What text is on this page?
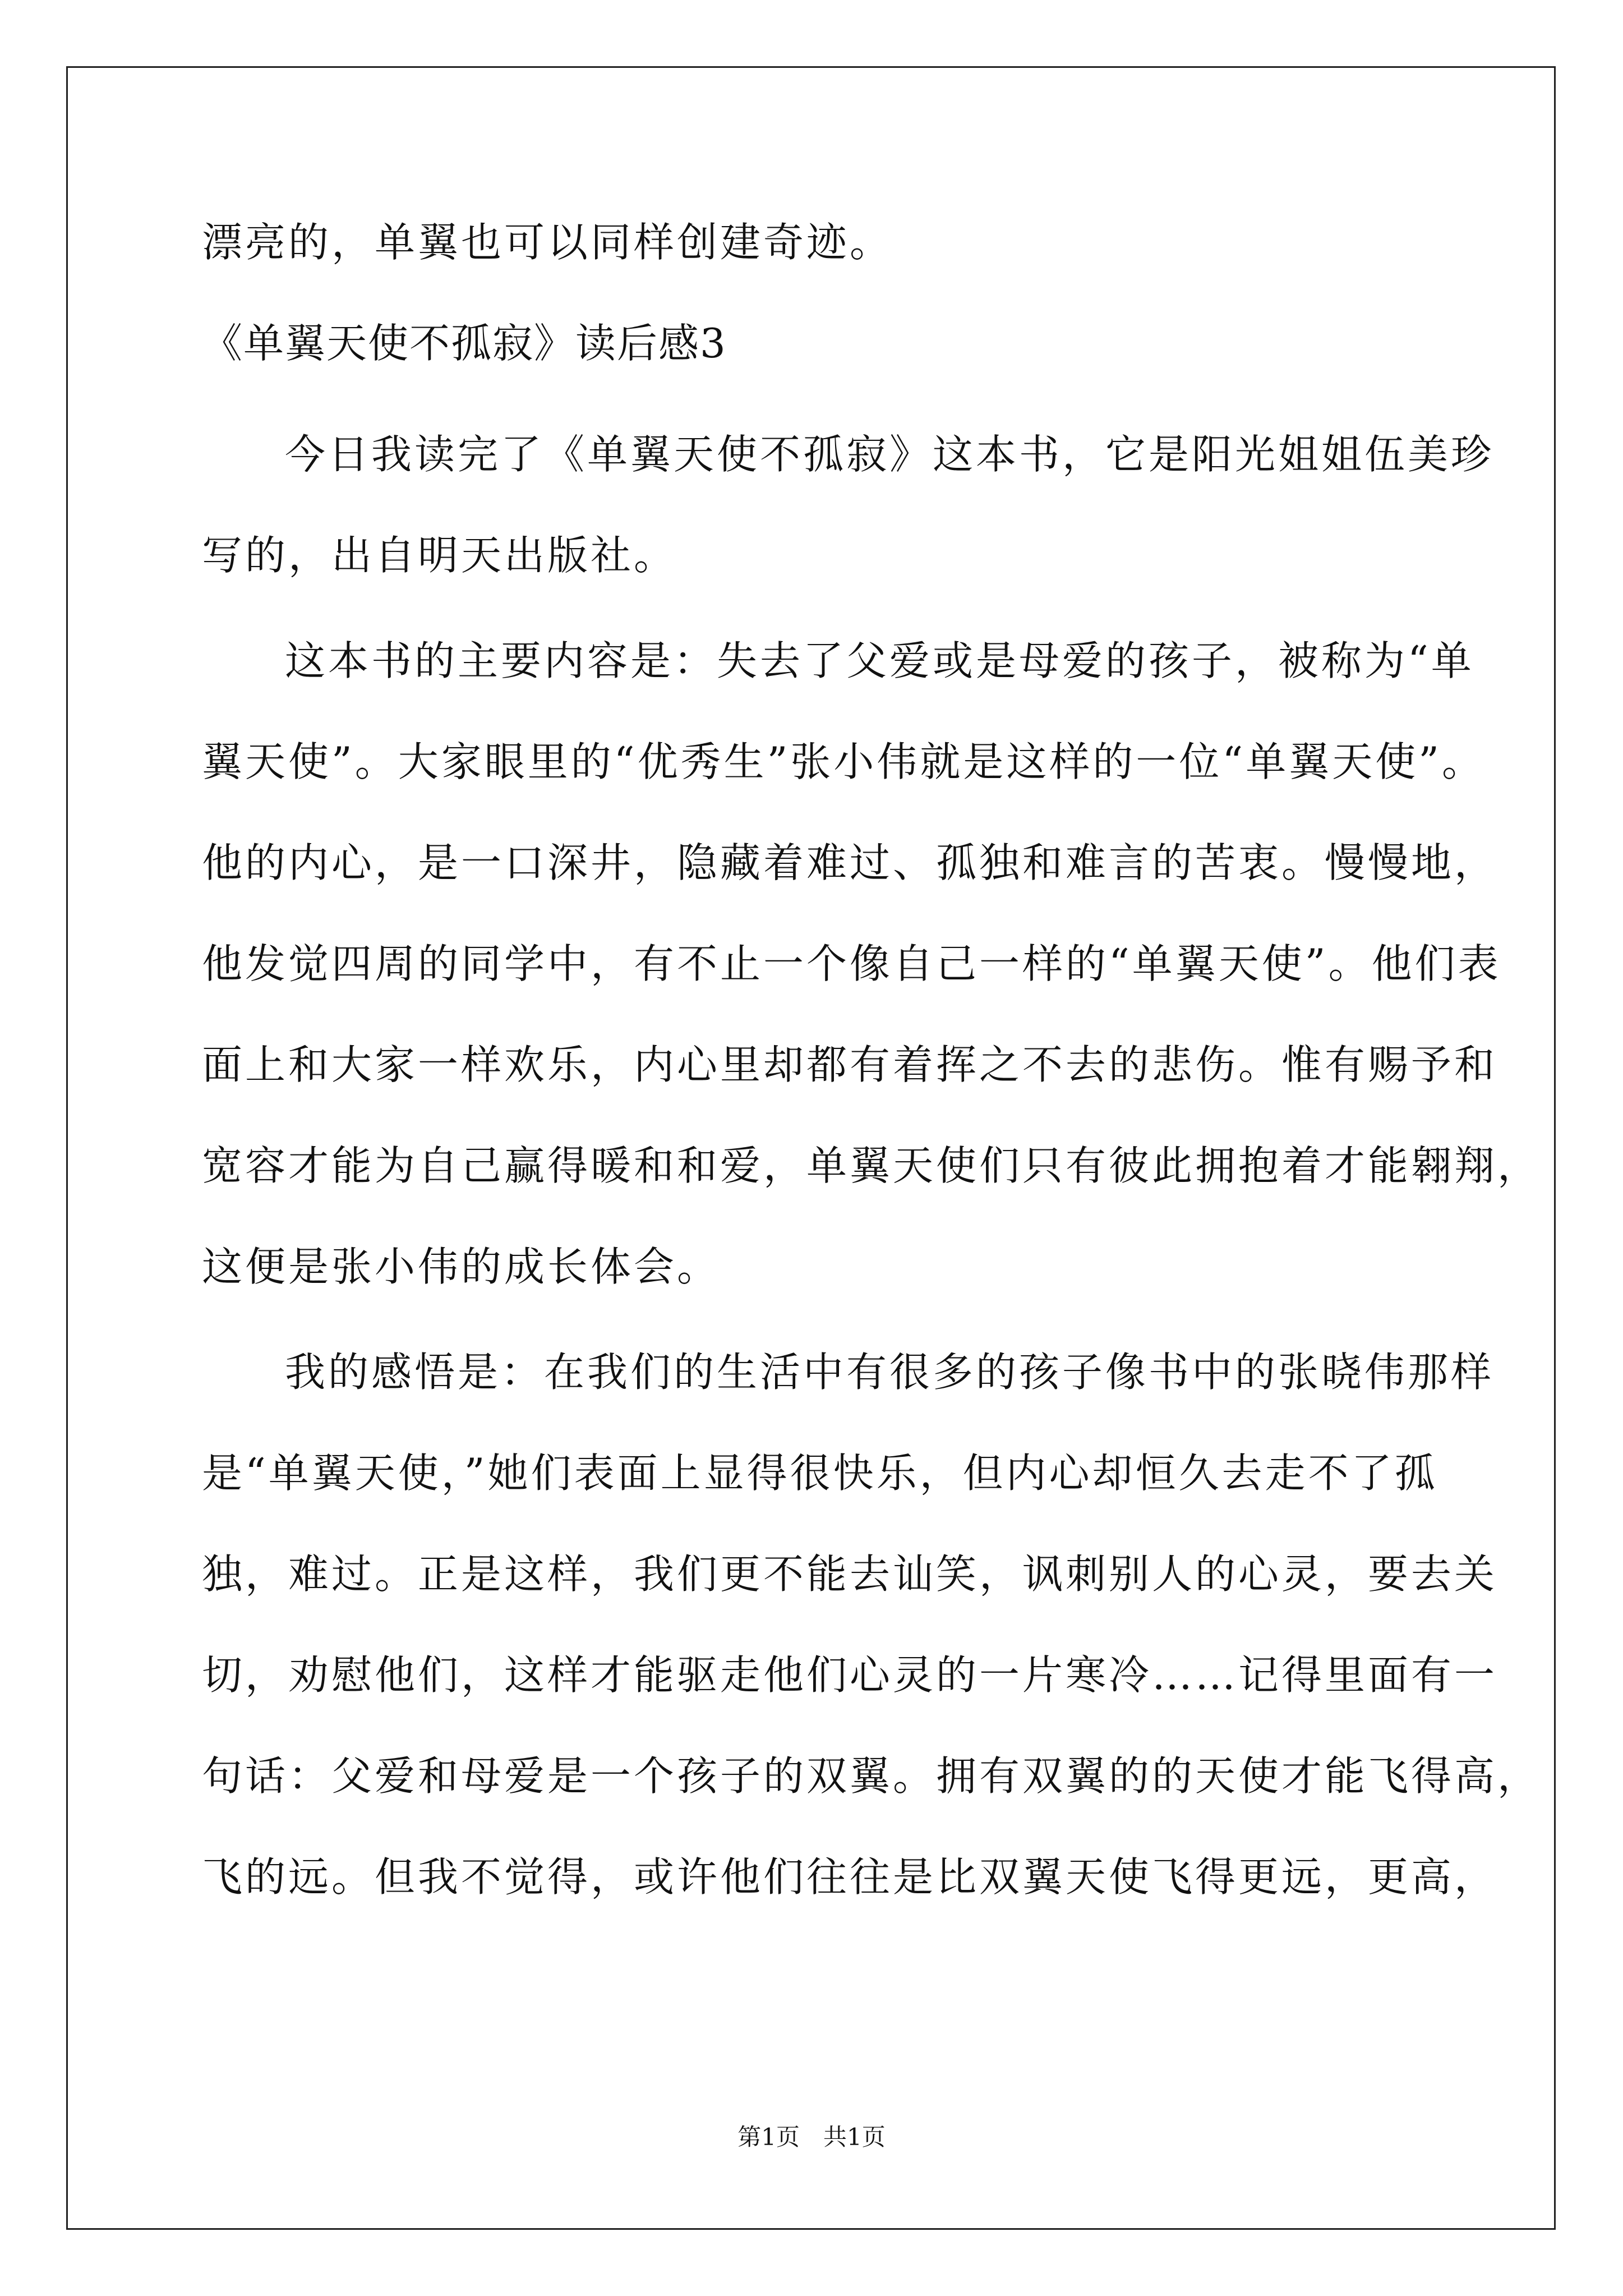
漂亮的，单翼也可以同样创建奇迹。
《单翼天使不孤寂》读后感3
今日我读完了《单翼天使不孤寂》这本书，它是阳光姐姐伍美珍
写的，出自明天出版社。
这本书的主要内容是：失去了父爱或是母爱的孩子，被称为“单
翼天使”。大家眼里的“优秀生”张小伟就是这样的一位“单翼天使”。
他的内心，是一口深井，隐藏着难过、孤独和难言的苦衷。慢慢地，
他发觉四周的同学中，有不止一个像自己一样的“单翼天使”。他们表
面上和大家一样欢乐，内心里却都有着挥之不去的悲伤。惟有赐予和
宽容才能为自己赢得暖和和爱，单翼天使们只有彼此拥抱着才能翱翔，
这便是张小伟的成长体会。
我的感悟是：在我们的生活中有很多的孩子像书中的张晓伟那样
是“单翼天使，”她们表面上显得很快乐，但内心却恒久去走不了孤
独，难过。正是这样，我们更不能去讪笑，讽刺别人的心灵，要去关
切，劝慰他们，这样才能驱走他们心灵的一片寒冷……记得里面有一
句话：父爱和母爱是一个孩子的双翼。拥有双翼的的天使才能飞得高，
飞的远。但我不觉得，或许他们往往是比双翼天使飞得更远，更高，
第1页　共1页
